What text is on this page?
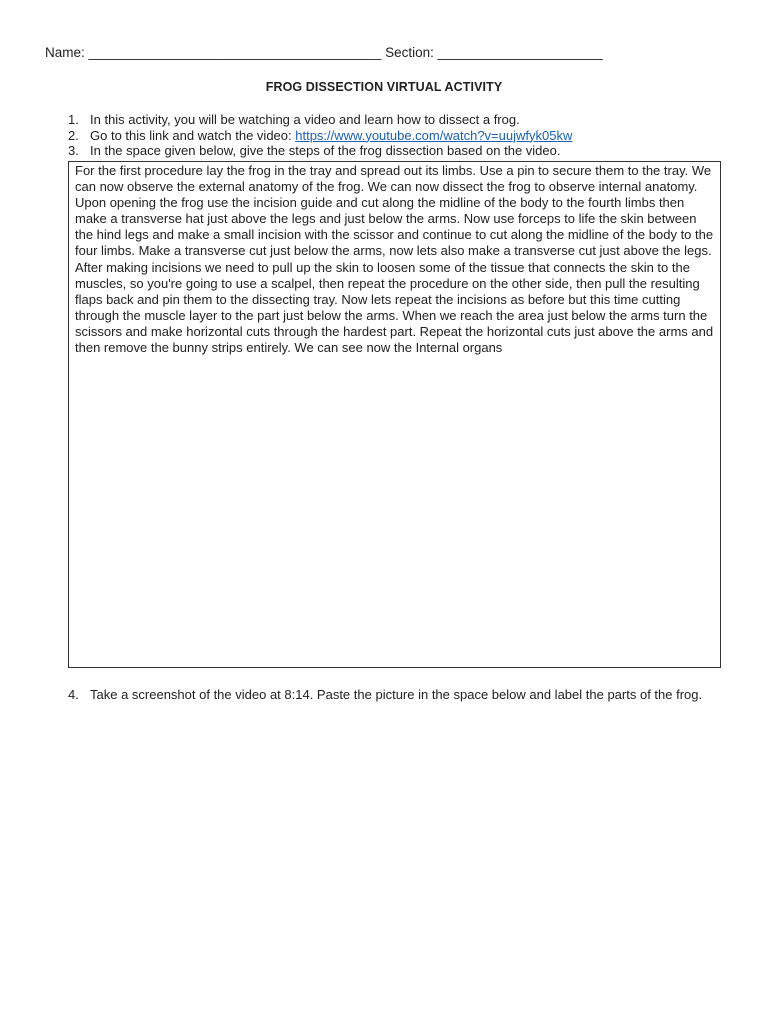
Name: _______________________________________ Section: ______________________
FROG DISSECTION VIRTUAL ACTIVITY
1. In this activity, you will be watching a video and learn how to dissect a frog.
2. Go to this link and watch the video: https://www.youtube.com/watch?v=uujwfyk05kw
3. In the space given below, give the steps of the frog dissection based on the video.
For the first procedure lay the frog in the tray and spread out its limbs. Use a pin to secure them to the tray. We can now observe the external anatomy of the frog. We can now dissect the frog to observe internal anatomy. Upon opening the frog use the incision guide and cut along the midline of the body to the fourth limbs then make a transverse hat just above the legs and just below the arms. Now use forceps to life the skin between the hind legs and make a small incision with the scissor and continue to cut along the midline of the body to the four limbs. Make a transverse cut just below the arms, now lets also make a transverse cut just above the legs. After making incisions we need to pull up the skin to loosen some of the tissue that connects the skin to the muscles, so you're going to use a scalpel, then repeat the procedure on the other side, then pull the resulting flaps back and pin them to the dissecting tray. Now lets repeat the incisions as before but this time cutting through the muscle layer to the part just below the arms. When we reach the area just below the arms turn the scissors and make horizontal cuts through the hardest part. Repeat the horizontal cuts just above the arms and then remove the bunny strips entirely. We can see now the Internal organs
4. Take a screenshot of the video at 8:14. Paste the picture in the space below and label the parts of the frog.
